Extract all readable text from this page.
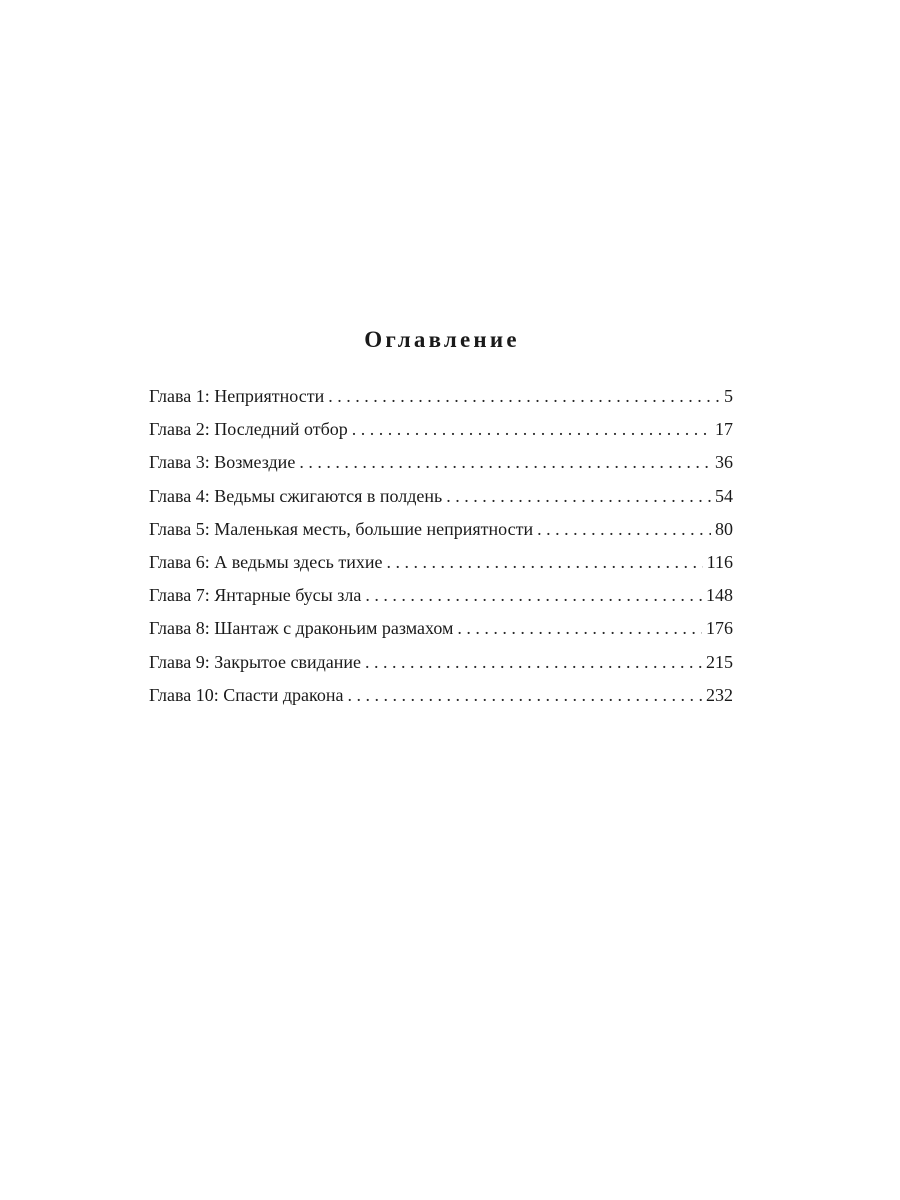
Оглавление
Глава 1: Неприятности . . .	5
Глава 2: Последний отбор . . .	17
Глава 3: Возмездие . . .	36
Глава 4: Ведьмы сжигаются в полдень . . .	54
Глава 5: Маленькая месть, большие неприятности . . .	80
Глава 6: А ведьмы здесь тихие . . .	116
Глава 7: Янтарные бусы зла . . .	148
Глава 8: Шантаж с драконьим размахом . . .	176
Глава 9: Закрытое свидание . . .	215
Глава 10: Спасти дракона . . .	232
